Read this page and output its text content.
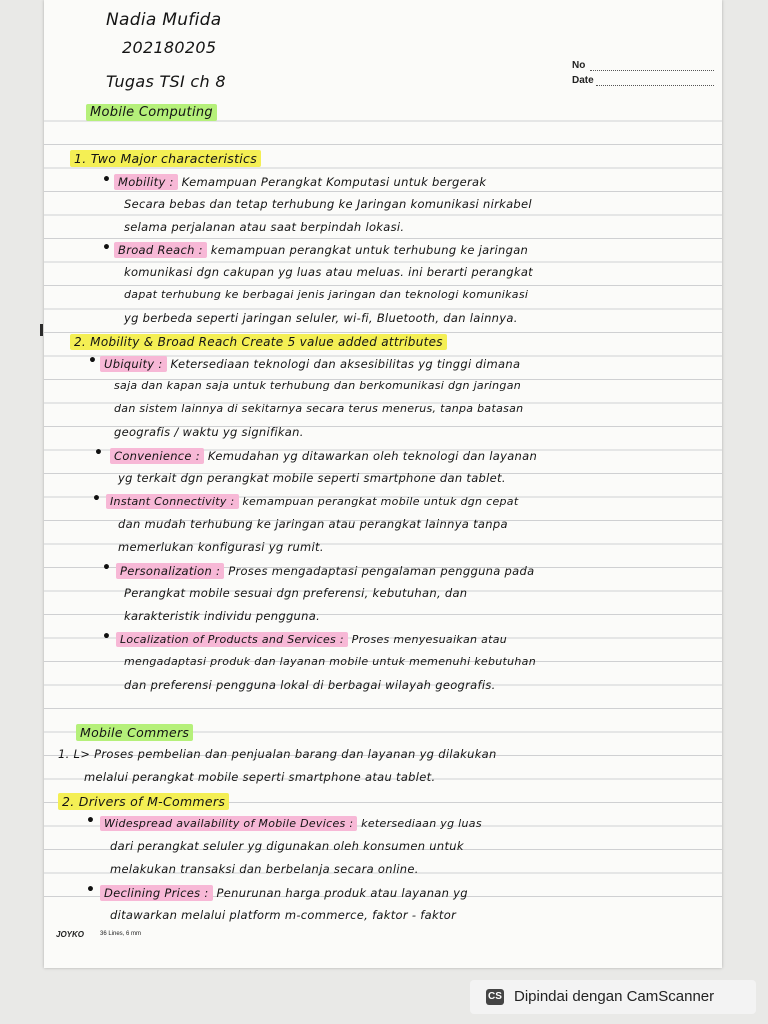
Nadia Mufida
202180205
Tugas TSI ch 8
No
Date
Mobile Computing
1. Two Major characteristics
• Mobility : Kemampuan Perangkat Komputasi untuk bergerak
Secara bebas dan tetap terhubung ke Jaringan komunikasi nirkabel
selama perjalanan atau saat berpindah lokasi.
• Broad Reach : kemampuan perangkat untuk terhubung ke jaringan
komunikasi dgn cakupan yg luas atau meluas. ini berarti perangkat
dapat terhubung ke berbagai jenis jaringan dan teknologi komunikasi
yg berbeda seperti jaringan seluler, wi-fi, Bluetooth, dan lainnya.
2. Mobility & Broad Reach Create 5 value added attributes
• Ubiquity : Ketersediaan teknologi dan aksesibilitas yg tinggi dimana
saja dan kapan saja untuk terhubung dan berkomunikasi dgn jaringan
dan sistem lainnya di sekitarnya secara terus menerus, tanpa batasan
geografis / waktu yg signifikan.
• Convenience : Kemudahan yg ditawarkan oleh teknologi dan layanan
yg terkait dgn perangkat mobile seperti smartphone dan tablet.
• Instant Connectivity : kemampuan perangkat mobile untuk dgn cepat
dan mudah terhubung ke jaringan atau perangkat lainnya tanpa
memerlukan konfigurasi yg rumit.
• Personalization : Proses mengadaptasi pengalaman pengguna pada
Perangkat mobile sesuai dgn preferensi, kebutuhan, dan
karakteristik individu pengguna.
• Localization of Products and Services : Proses menyesuaikan atau
mengadaptasi produk dan layanan mobile untuk memenuhi kebutuhan
dan preferensi pengguna lokal di berbagai wilayah geografis.
Mobile Commers
1. L> Proses pembelian dan penjualan barang dan layanan yg dilakukan
melalui perangkat mobile seperti smartphone atau tablet.
2. Drivers of M-Commers
• Widespread availability of Mobile Devices : ketersediaan yg luas
dari perangkat seluler yg digunakan oleh konsumen untuk
melakukan transaksi dan berbelanja secara online.
• Declining Prices : Penurunan harga produk atau layanan yg
ditawarkan melalui platform m-commerce, faktor - faktor
JOYKO	36 Lines, 6 mm
CS Dipindai dengan CamScanner
